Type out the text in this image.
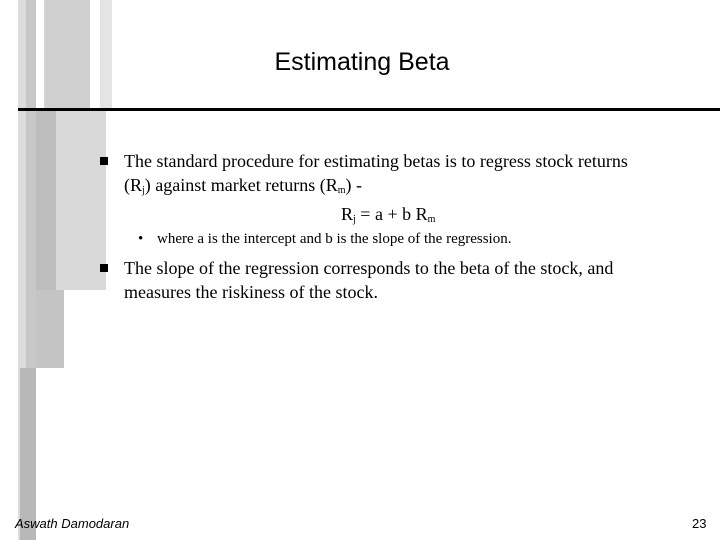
Estimating Beta
The standard procedure for estimating betas is to regress stock returns
$(R_j)$ against market returns $(R_m)$ -
$R_j = a + b$ $R_m$
• where a is the intercept and b is the slope of the regression.
The slope of the regression corresponds to the beta of the stock, and
measures the riskiness of the stock.
Aswath Damodaran	23
